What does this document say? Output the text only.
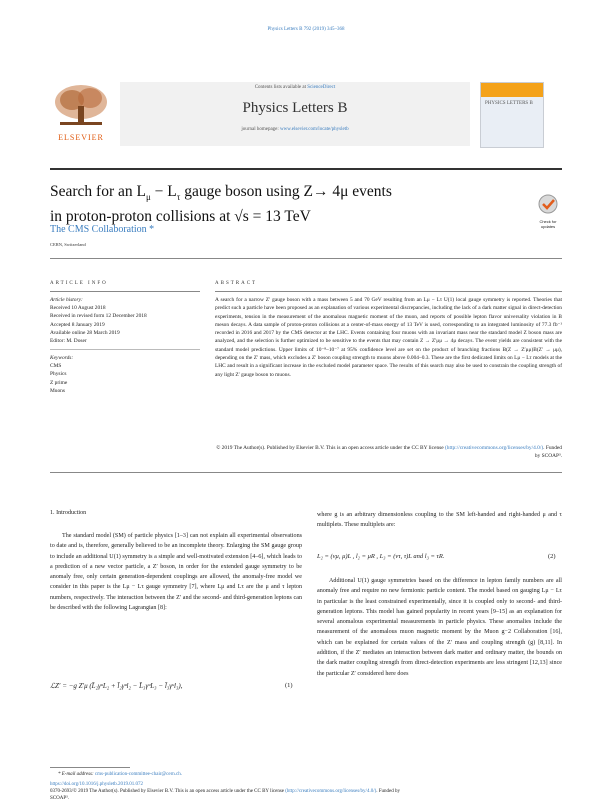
Physics Letters B 792 (2019) 345–368
ELSEVIER
Contents lists available at ScienceDirect
Physics Letters B
journal homepage: www.elsevier.com/locate/physletb
PHYSICS LETTERS B
Search for an $L_\mu - L_\tau$ gauge boson using Z→ 4μ events
in proton-proton collisions at √s = 13 TeV	Check for
updates
The CMS Collaboration *
CERN, Switzerland
ARTICLE INFO
Article history:
Received 10 August 2018
Received in revised form 12 December 2018
Accepted 8 January 2019
Available online 28 March 2019
Editor: M. Doser
Keywords:
CMS
Physics
Z prime
Muons
ABSTRACT
A search for a narrow Z′ gauge boson with a mass between 5 and 70 GeV resulting from an Lμ − Lτ U(1) local gauge symmetry is reported. Theories that predict such a particle have been proposed as an explanation of various experimental discrepancies, including the lack of a dark matter signal in direct-detection experiments, tension in the measurement of the anomalous magnetic moment of the muon, and reports of possible lepton flavor universality violation in B meson decays. A data sample of proton-proton collisions at a center-of-mass energy of 13 TeV is used, corresponding to an integrated luminosity of 77.3 fb⁻¹ recorded in 2016 and 2017 by the CMS detector at the LHC. Events containing four muons with an invariant mass near the standard model Z boson mass are analyzed, and the selection is further optimized to be sensitive to the events that may contain Z → Z′μμ → 4μ decays. The event yields are consistent with the standard model predictions. Upper limits of 10⁻⁸–10⁻⁷ at 95% confidence level are set on the product of branching fractions B(Z → Z′μμ)B(Z′ → μμ), depending on the Z′ mass, which excludes a Z′ boson coupling strength to muons above 0.004–0.3. These are the first dedicated limits on Lμ − Lτ models at the LHC and result in a significant increase in the excluded model parameter space. The results of this search may also be used to constrain the coupling strength of any light Z′ gauge boson to muons.
© 2019 The Author(s). Published by Elsevier B.V. This is an open access article under the CC BY license (http://creativecommons.org/licenses/by/4.0/). Funded by SCOAP³.
1. Introduction
The standard model (SM) of particle physics [1–3] can not explain all experimental observations to date and is, therefore, generally believed to be an incomplete theory. Enlarging the SM gauge group to include an additional U(1) symmetry is a simple and well-motivated extension [4–6], which leads to a prediction of a new vector particle, a Z′ boson, in order for the extended gauge symmetry to be anomaly free, only certain generation-dependent couplings are allowed, the anomaly-free model we consider in this paper is the Lμ − Lτ gauge symmetry [7], where Lμ and Lτ are the μ and τ lepton numbers, respectively. The interaction between the Z′ and the second- and third-generation leptons can be described with the following Lagrangian [8]:
ℒZ′ = −g Z′μ (L̄₂γᵘL₂ + l̄₂γᵘl₂ − L̄₃γᵘL₃ − l̄₃γᵘl₃),	(1)
* E-mail address: cms-publication-committee-chair@cern.ch.
where g is an arbitrary dimensionless coupling to the SM left-handed and right-handed μ and τ multiplets. These multiplets are:
L₂ = (νμ, μ)L , l₂ = μR , L₃ = (ντ, τ)L and l₃ = τR.	(2)
Additional U(1) gauge symmetries based on the difference in lepton family numbers are all anomaly free and require no new fermionic particle content. The model based on gauging Lμ − Lτ in particular is the least constrained experimentally, since it is coupled only to second- and third-generation leptons. This model has gained popularity in recent years [9–15] as an explanation for several anomalous experimental measurements in particle physics. These anomalies include the measurement of the anomalous muon magnetic moment by the Muon g−2 Collaboration [16], which can be explained for certain values of the Z′ mass and coupling strength (g) [8,11]. In addition, if the Z′ mediates an interaction between dark matter and ordinary matter, the bounds on the dark matter coupling strength from direct-detection experiments are less stringent [12,13] since the particular Z′ considered here does
https://doi.org/10.1016/j.physletb.2019.01.072
0370-2693/© 2019 The Author(s). Published by Elsevier B.V. This is an open access article under the CC BY license (http://creativecommons.org/licenses/by/4.0/). Funded by
SCOAP³.
